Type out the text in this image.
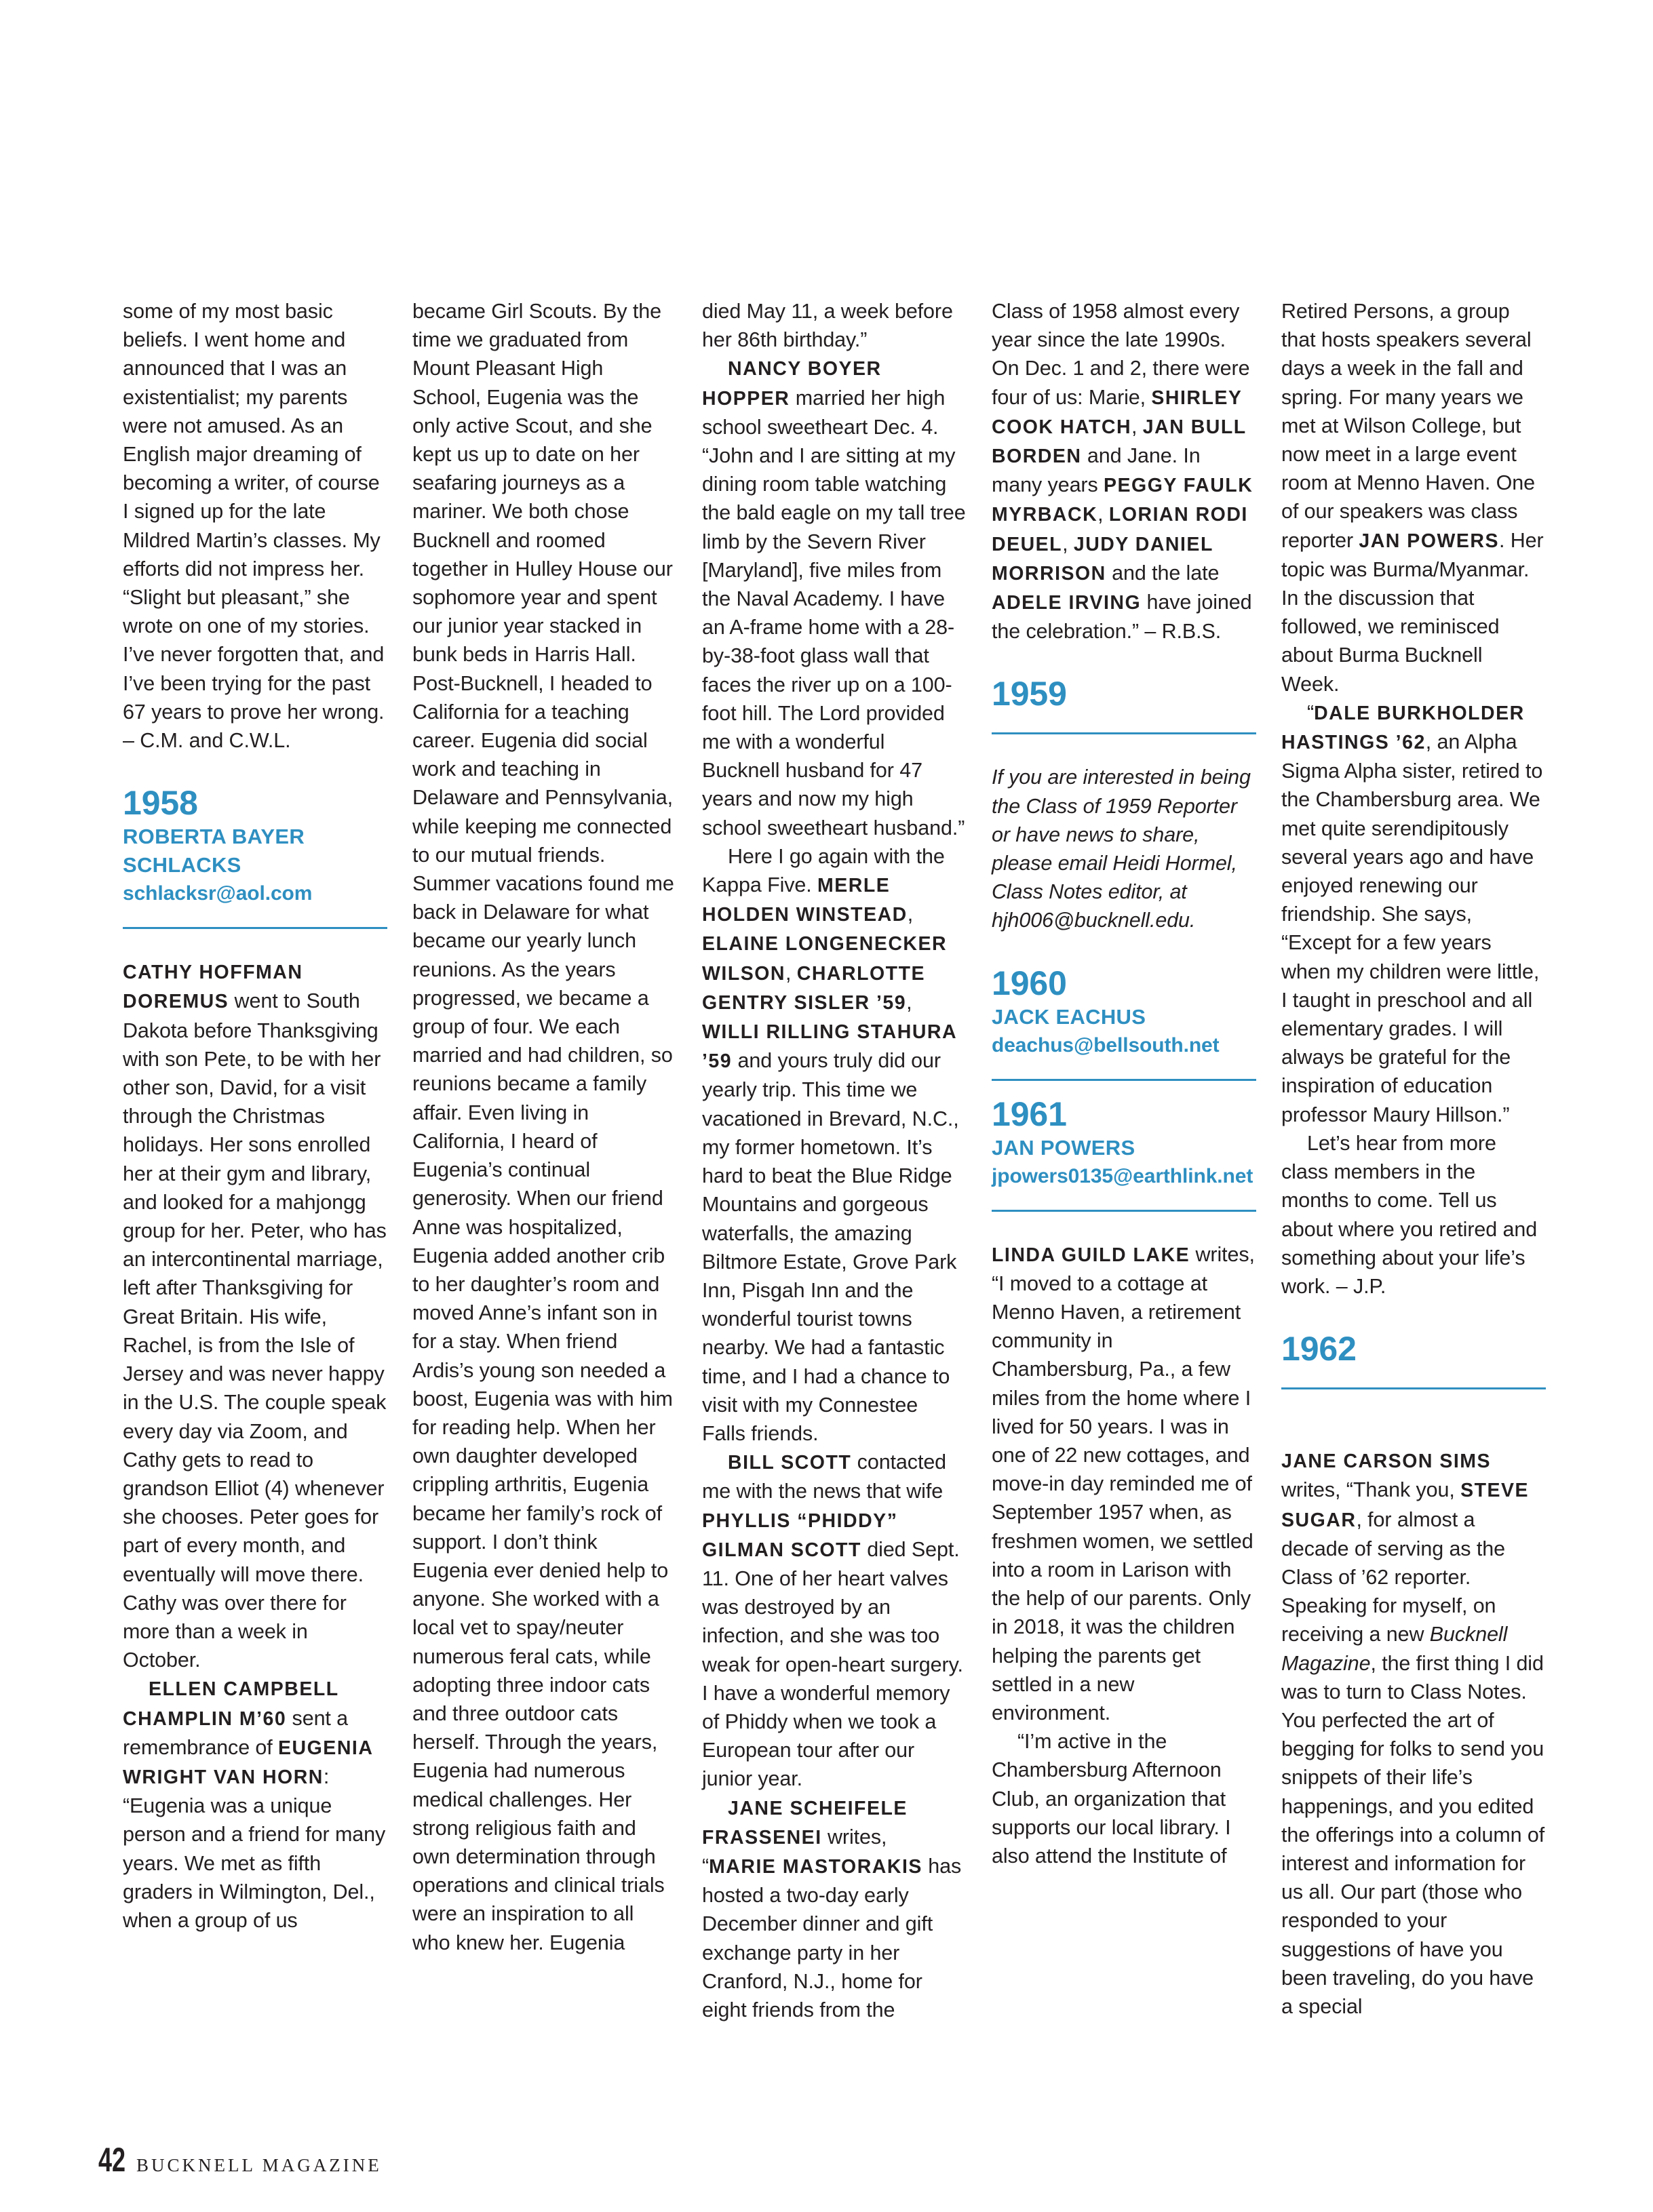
some of my most basic beliefs. I went home and announced that I was an existentialist; my parents were not amused. As an English major dreaming of becoming a writer, of course I signed up for the late Mildred Martin’s classes. My efforts did not impress her. “Slight but pleasant,” she wrote on one of my stories. I’ve never forgotten that, and I’ve been trying for the past 67 years to prove her wrong. – C.M. and C.W.L.

1958
ROBERTA BAYER SCHLACKS
schlacksr@aol.com

CATHY HOFFMAN DOREMUS went to South Dakota before Thanksgiving with son Pete, to be with her other son, David, for a visit through the Christmas holidays. Her sons enrolled her at their gym and library, and looked for a mahjongg group for her. Peter, who has an intercontinental marriage, left after Thanksgiving for Great Britain. His wife, Rachel, is from the Isle of Jersey and was never happy in the U.S. The couple speak every day via Zoom, and Cathy gets to read to grandson Elliot (4) whenever she chooses. Peter goes for part of every month, and eventually will move there. Cathy was over there for more than a week in October.

ELLEN CAMPBELL CHAMPLIN M’60 sent a remembrance of EUGENIA WRIGHT VAN HORN: “Eugenia was a unique person and a friend for many years. We met as fifth graders in Wilmington, Del., when a group of us

became Girl Scouts. By the time we graduated from Mount Pleasant High School, Eugenia was the only active Scout, and she kept us up to date on her seafaring journeys as a mariner. We both chose Bucknell and roomed together in Hulley House our sophomore year and spent our junior year stacked in bunk beds in Harris Hall. Post-Bucknell, I headed to California for a teaching career. Eugenia did social work and teaching in Delaware and Pennsylvania, while keeping me connected to our mutual friends. Summer vacations found me back in Delaware for what became our yearly lunch reunions. As the years progressed, we became a group of four. We each married and had children, so reunions became a family affair. Even living in California, I heard of Eugenia’s continual generosity. When our friend Anne was hospitalized, Eugenia added another crib to her daughter’s room and moved Anne’s infant son in for a stay. When friend Ardis’s young son needed a boost, Eugenia was with him for reading help. When her own daughter developed crippling arthritis, Eugenia became her family’s rock of support. I don’t think Eugenia ever denied help to anyone. She worked with a local vet to spay/neuter numerous feral cats, while adopting three indoor cats and three outdoor cats herself. Through the years, Eugenia had numerous medical challenges. Her strong religious faith and own determination through operations and clinical trials were an inspiration to all who knew her. Eugenia

died May 11, a week before her 86th birthday.”

NANCY BOYER HOPPER married her high school sweetheart Dec. 4. “John and I are sitting at my dining room table watching the bald eagle on my tall tree limb by the Severn River [Maryland], five miles from the Naval Academy. I have an A-frame home with a 28-by-38-foot glass wall that faces the river up on a 100-foot hill. The Lord provided me with a wonderful Bucknell husband for 47 years and now my high school sweetheart husband.”

Here I go again with the Kappa Five. MERLE HOLDEN WINSTEAD, ELAINE LONGENECKER WILSON, CHARLOTTE GENTRY SISLER ’59, WILLI RILLING STAHURA ’59 and yours truly did our yearly trip. This time we vacationed in Brevard, N.C., my former hometown. It’s hard to beat the Blue Ridge Mountains and gorgeous waterfalls, the amazing Biltmore Estate, Grove Park Inn, Pisgah Inn and the wonderful tourist towns nearby. We had a fantastic time, and I had a chance to visit with my Connestee Falls friends.

BILL SCOTT contacted me with the news that wife PHYLLIS “PHIDDY” GILMAN SCOTT died Sept. 11. One of her heart valves was destroyed by an infection, and she was too weak for open-heart surgery. I have a wonderful memory of Phiddy when we took a European tour after our junior year.

JANE SCHEIFELE FRASSENEI writes, “MARIE MASTORAKIS has hosted a two-day early December dinner and gift exchange party in her Cranford, N.J., home for eight friends from the

Class of 1958 almost every year since the late 1990s. On Dec. 1 and 2, there were four of us: Marie, SHIRLEY COOK HATCH, JAN BULL BORDEN and Jane. In many years PEGGY FAULK MYRBACK, LORIAN RODI DEUEL, JUDY DANIEL MORRISON and the late ADELE IRVING have joined the celebration.” – R.B.S.

1959

If you are interested in being the Class of 1959 Reporter or have news to share, please email Heidi Hormel, Class Notes editor, at hjh006@bucknell.edu.

1960
JACK EACHUS
deachus@bellsouth.net
1961
JAN POWERS
jpowers0135@earthlink.net

LINDA GUILD LAKE writes, “I moved to a cottage at Menno Haven, a retirement community in Chambersburg, Pa., a few miles from the home where I lived for 50 years. I was in one of 22 new cottages, and move-in day reminded me of September 1957 when, as freshmen women, we settled into a room in Larison with the help of our parents. Only in 2018, it was the children helping the parents get settled in a new environment.

“I’m active in the Chambersburg Afternoon Club, an organization that supports our local library. I also attend the Institute of

Retired Persons, a group that hosts speakers several days a week in the fall and spring. For many years we met at Wilson College, but now meet in a large event room at Menno Haven. One of our speakers was class reporter JAN POWERS. Her topic was Burma/Myanmar. In the discussion that followed, we reminisced about Burma Bucknell Week.

“DALE BURKHOLDER HASTINGS ’62, an Alpha Sigma Alpha sister, retired to the Chambersburg area. We met quite serendipitously several years ago and have enjoyed renewing our friendship. She says, “Except for a few years when my children were little, I taught in preschool and all elementary grades. I will always be grateful for the inspiration of education professor Maury Hillson.”

Let’s hear from more class members in the months to come. Tell us about where you retired and something about your life’s work. – J.P.

1962

JANE CARSON SIMS writes, “Thank you, STEVE SUGAR, for almost a decade of serving as the Class of ’62 reporter. Speaking for myself, on receiving a new Bucknell Magazine, the first thing I did was to turn to Class Notes. You perfected the art of begging for folks to send you snippets of their life’s happenings, and you edited the offerings into a column of interest and information for us all. Our part (those who responded to your suggestions of have you been traveling, do you have a special

42 BUCKNELL MAGAZINE
